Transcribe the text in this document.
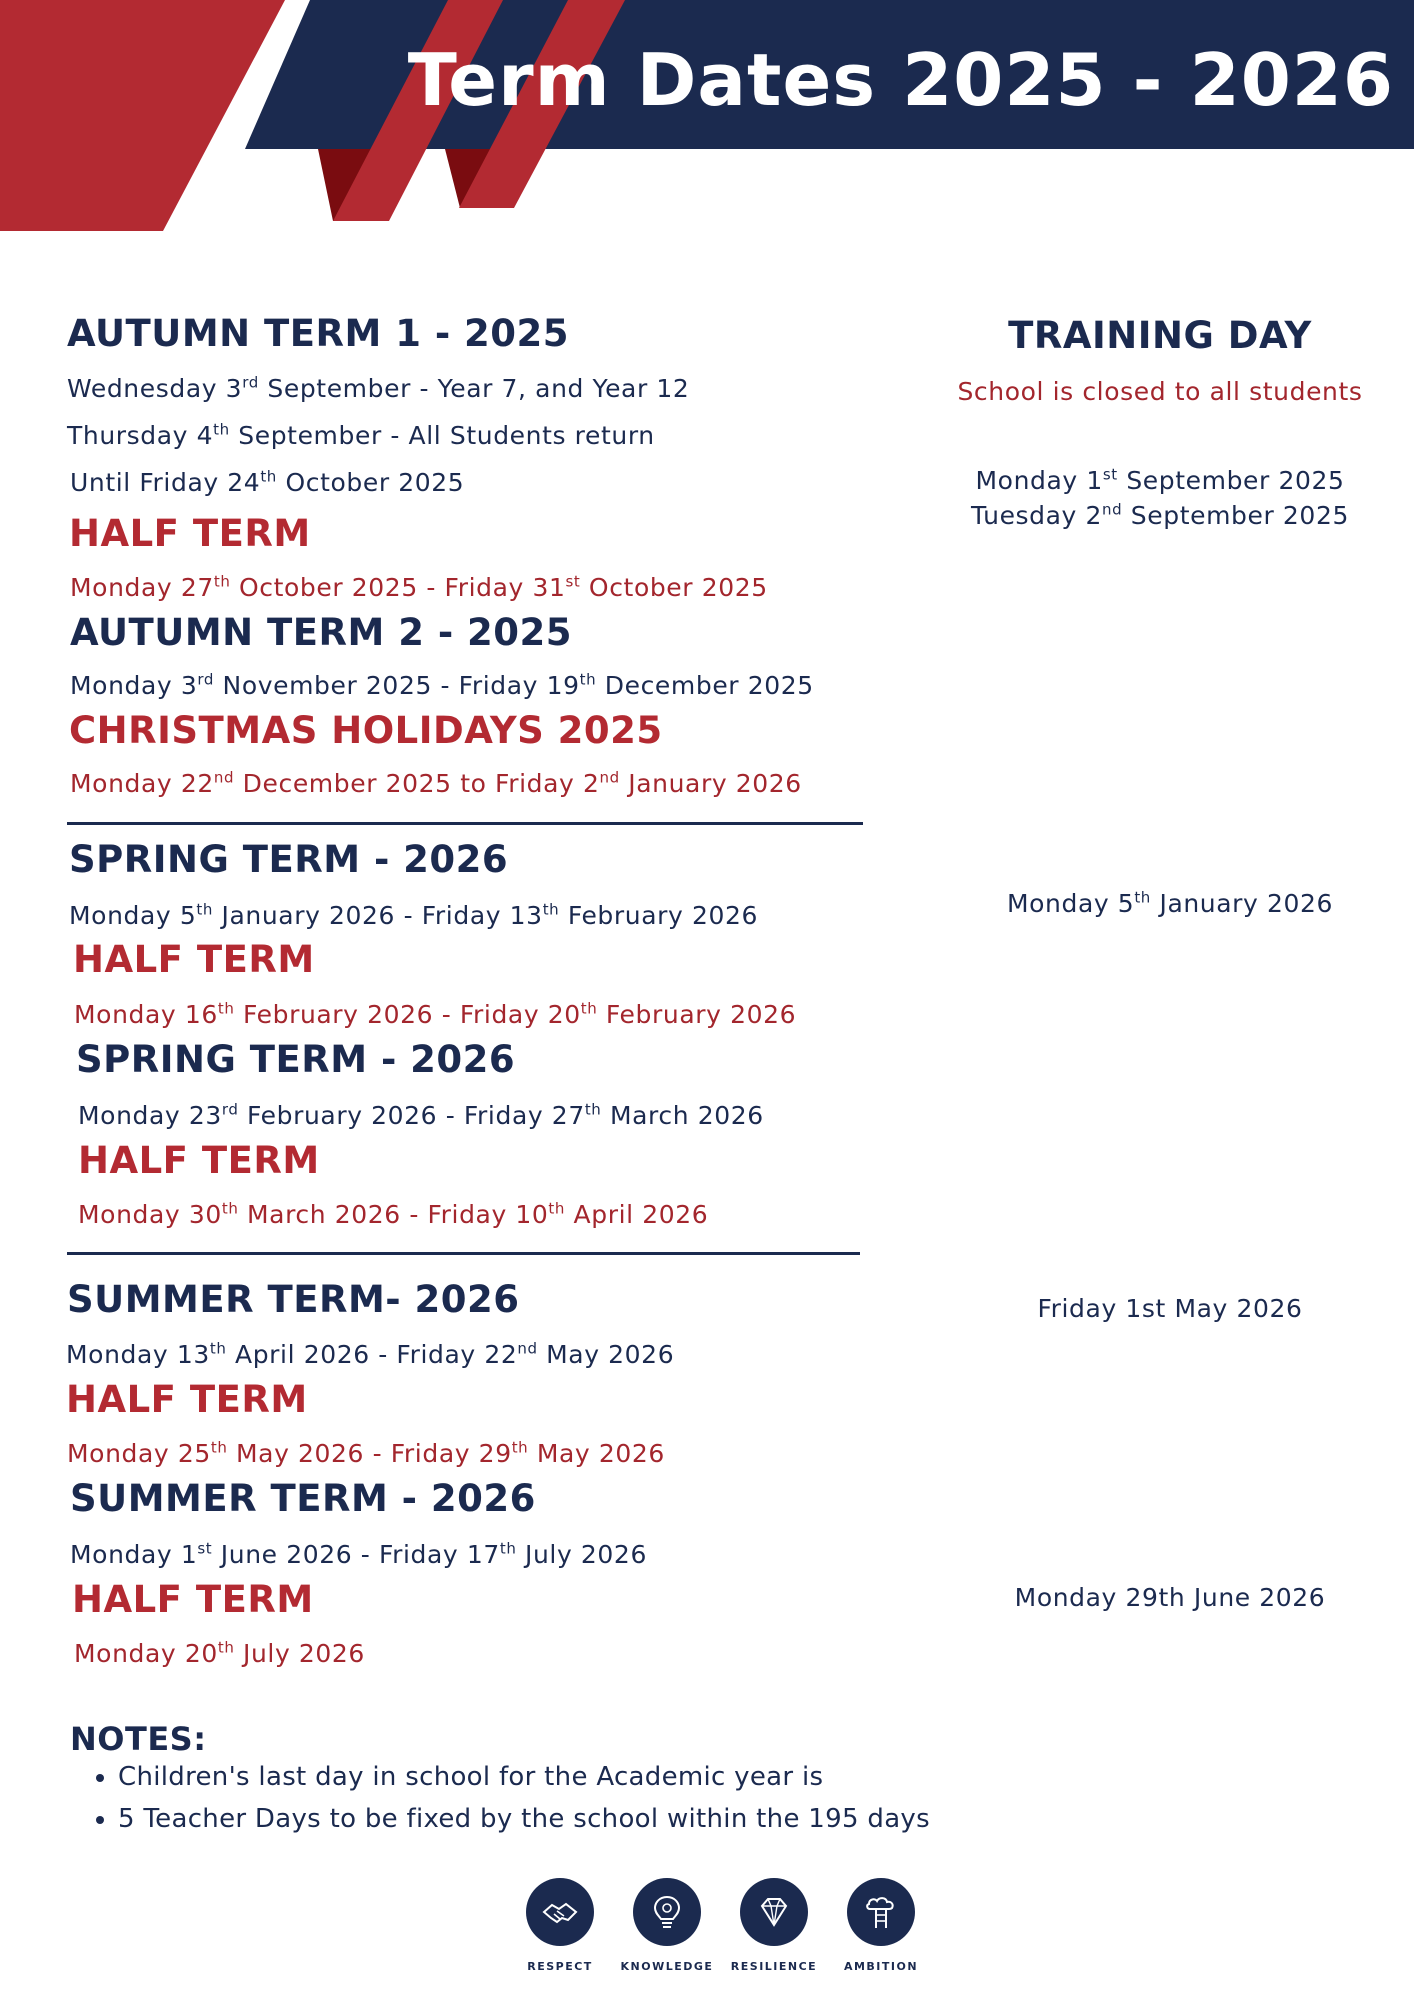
Term Dates 2025 - 2026
AUTUMN TERM 1 - 2025
Wednesday 3rd September - Year 7, and Year 12
Thursday 4th September - All Students return
Until Friday 24th October 2025
HALF TERM
Monday 27th October 2025 - Friday 31st October 2025
AUTUMN TERM 2 - 2025
Monday 3rd November 2025 - Friday 19th December 2025
CHRISTMAS HOLIDAYS 2025
Monday 22nd December 2025 to Friday 2nd January 2026
SPRING TERM - 2026
Monday 5th January 2026 - Friday 13th February 2026
HALF TERM
Monday 16th February 2026 - Friday 20th February 2026
SPRING TERM - 2026
Monday 23rd February 2026 - Friday 27th March 2026
HALF TERM
Monday 30th March 2026 - Friday 10th April 2026
SUMMER TERM- 2026
Monday 13th April 2026 - Friday 22nd May 2026
HALF TERM
Monday 25th May 2026 - Friday 29th May 2026
SUMMER TERM - 2026
Monday 1st June 2026 - Friday 17th July 2026
HALF TERM
Monday 20th July 2026
TRAINING DAY
School is closed to all students
Monday 1st September 2025
Tuesday 2nd September 2025
Monday 5th January 2026
Friday 1st May 2026
Monday 29th June 2026
NOTES:
• Children's last day in school for the Academic year is
• 5 Teacher Days to be fixed by the school within the 195 days
RESPECT	KNOWLEDGE	RESILIENCE	AMBITION
